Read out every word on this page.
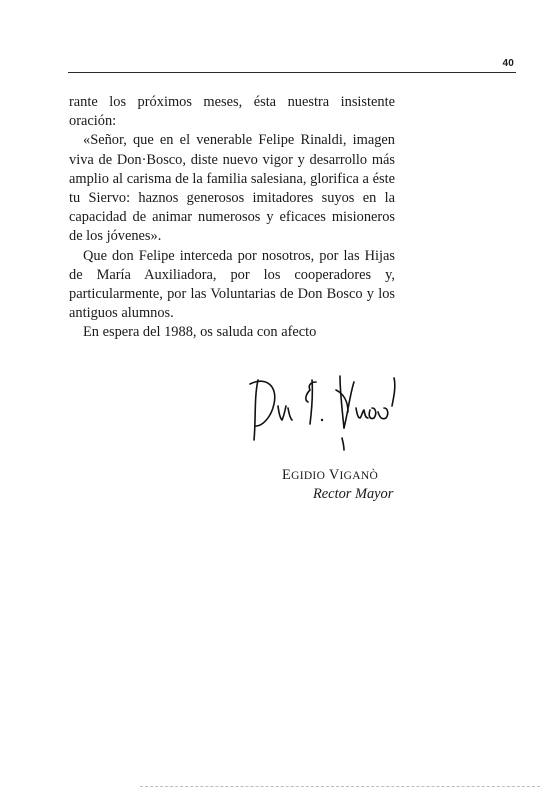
40

rante los próximos meses, ésta nuestra insistente oración:

«Señor, que en el venerable Felipe Rinaldi, imagen viva de Don·Bosco, diste nuevo vigor y desarrollo más amplio al carisma de la familia salesiana, glorifica a éste tu Siervo: haznos generosos imitadores suyos en la capacidad de animar numerosos y eficaces misioneros de los jóvenes».

Que don Felipe interceda por nosotros, por las Hijas de María Auxiliadora, por los cooperadores y, particularmente, por las Voluntarias de Don Bosco y los antiguos alumnos.

En espera del 1988, os saluda con afecto

EGIDIO VIGANÒ
Rector Mayor
